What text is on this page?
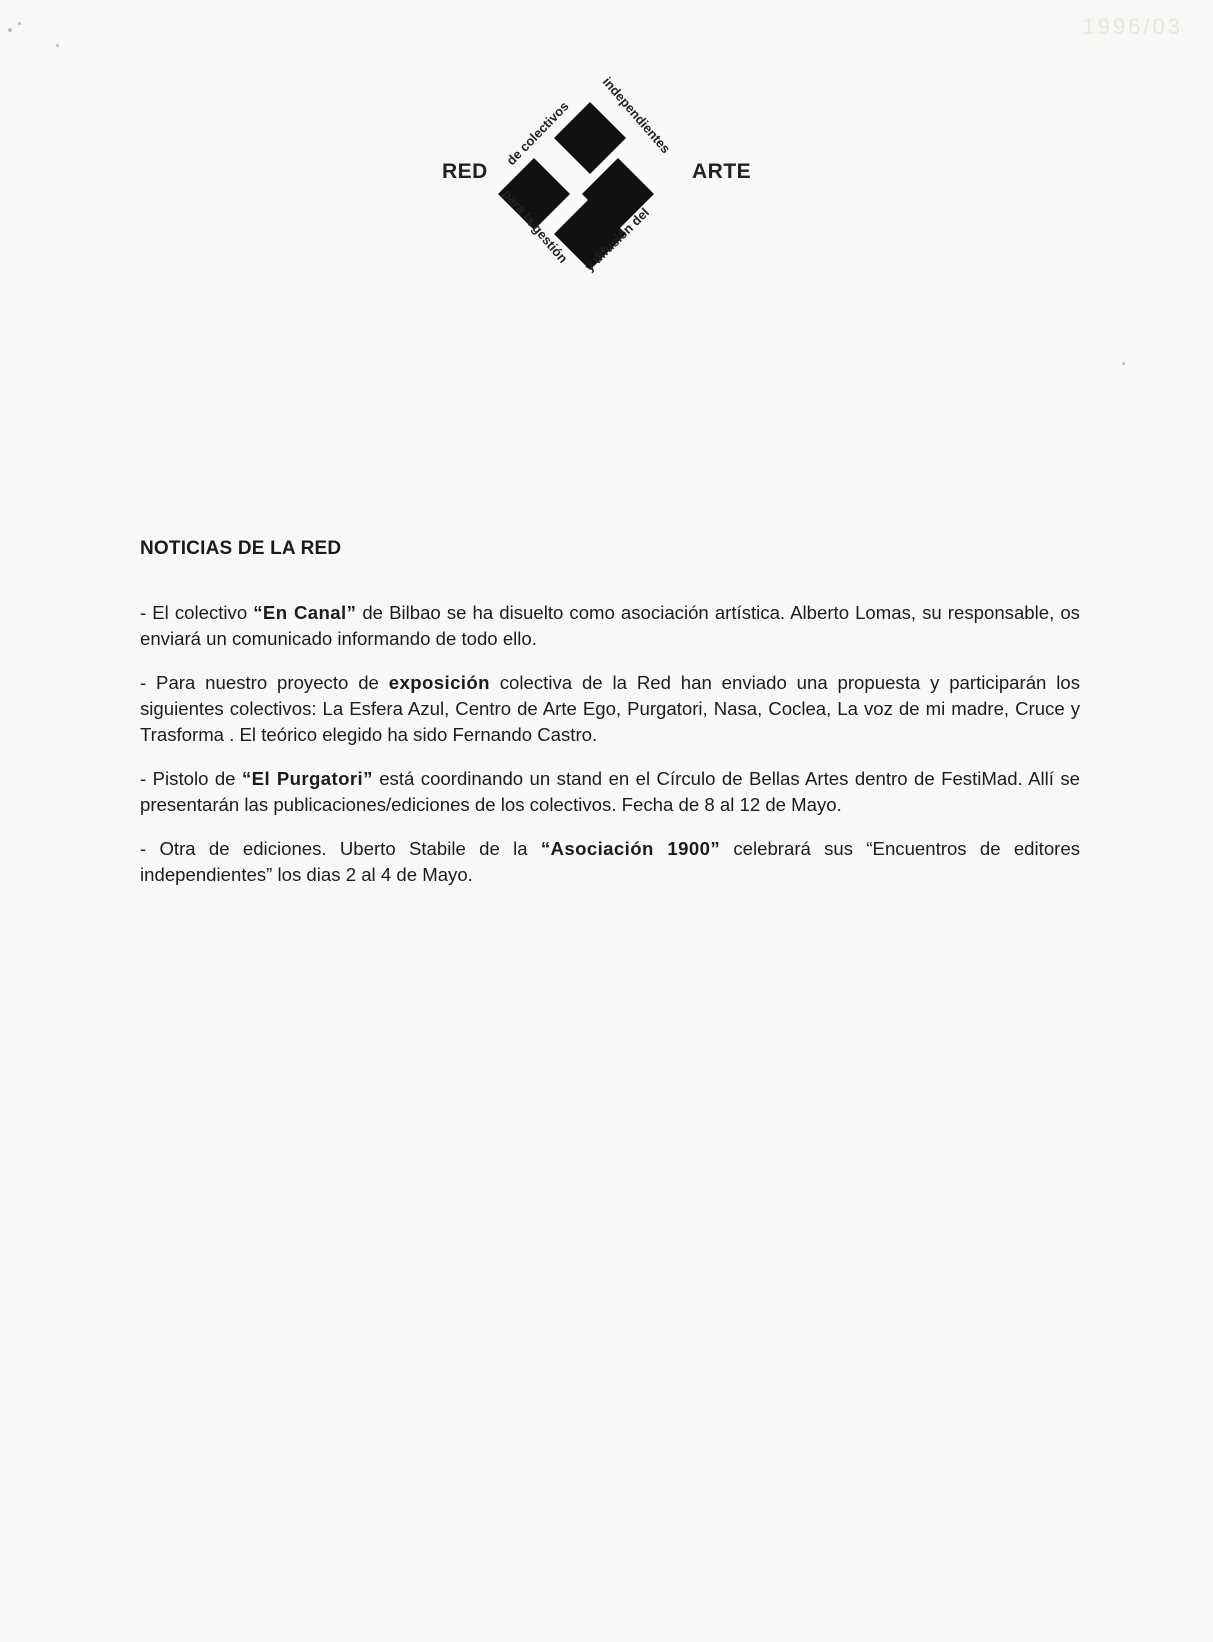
1996/03
de colectivos
independientes
para la gestión
y difusión del
RED	ARTE
NOTICIAS DE LA RED

- El colectivo “En Canal” de Bilbao se ha disuelto como asociación artística. Alberto Lomas, su responsable, os enviará un comunicado informando de todo ello.

- Para nuestro proyecto de exposición colectiva de la Red han enviado una propuesta y participarán los siguientes colectivos: La Esfera Azul, Centro de Arte Ego, Purgatori, Nasa, Coclea, La voz de mi madre, Cruce y Trasforma . El teórico elegido ha sido Fernando Castro.

- Pistolo de “El Purgatori” está coordinando un stand en el Círculo de Bellas Artes dentro de FestiMad. Allí se presentarán las publicaciones/ediciones de los colectivos. Fecha de 8 al 12 de Mayo.

- Otra de ediciones. Uberto Stabile de la “Asociación 1900” celebrará sus “Encuentros de editores independientes” los dias 2 al 4 de Mayo.
